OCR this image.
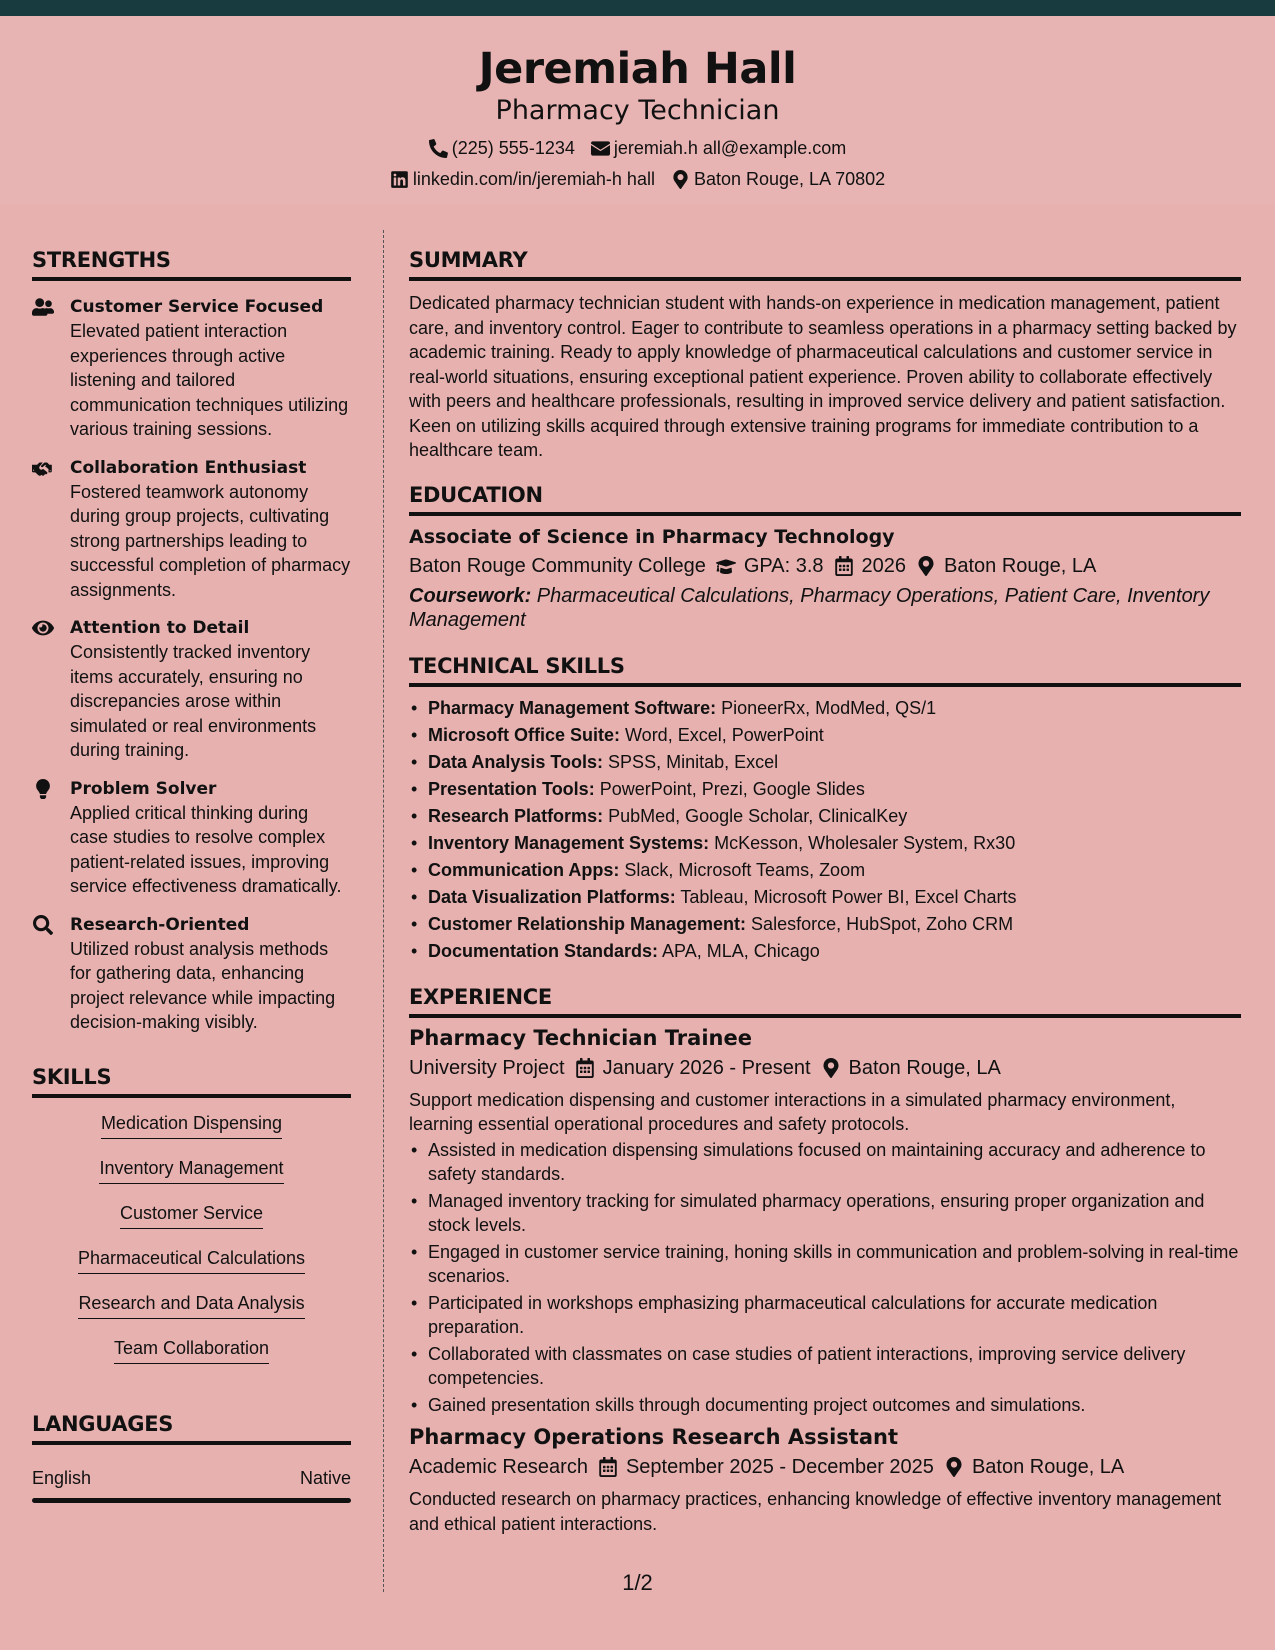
Jeremiah Hall
Pharmacy Technician
(225) 555-1234 jeremiah.h all@example.com
linkedin.com/in/jeremiah-h hall Baton Rouge, LA 70802
STRENGTHS
Customer Service Focused
Elevated patient interaction experiences through active listening and tailored communication techniques utilizing various training sessions.
Collaboration Enthusiast
Fostered teamwork autonomy during group projects, cultivating strong partnerships leading to successful completion of pharmacy assignments.
Attention to Detail
Consistently tracked inventory items accurately, ensuring no discrepancies arose within simulated or real environments during training.
Problem Solver
Applied critical thinking during case studies to resolve complex patient-related issues, improving service effectiveness dramatically.
Research-Oriented
Utilized robust analysis methods for gathering data, enhancing project relevance while impacting decision-making visibly.
SKILLS
Medication Dispensing
Inventory Management
Customer Service
Pharmaceutical Calculations
Research and Data Analysis
Team Collaboration
LANGUAGES
English	Native
SUMMARY
Dedicated pharmacy technician student with hands-on experience in medication management, patient care, and inventory control. Eager to contribute to seamless operations in a pharmacy setting backed by academic training. Ready to apply knowledge of pharmaceutical calculations and customer service in real-world situations, ensuring exceptional patient experience. Proven ability to collaborate effectively with peers and healthcare professionals, resulting in improved service delivery and patient satisfaction. Keen on utilizing skills acquired through extensive training programs for immediate contribution to a healthcare team.
EDUCATION
Associate of Science in Pharmacy Technology
Baton Rouge Community College GPA: 3.8 2026 Baton Rouge, LA
Coursework: Pharmaceutical Calculations, Pharmacy Operations, Patient Care, Inventory Management
TECHNICAL SKILLS
• Pharmacy Management Software: PioneerRx, ModMed, QS/1
• Microsoft Office Suite: Word, Excel, PowerPoint
• Data Analysis Tools: SPSS, Minitab, Excel
• Presentation Tools: PowerPoint, Prezi, Google Slides
• Research Platforms: PubMed, Google Scholar, ClinicalKey
• Inventory Management Systems: McKesson, Wholesaler System, Rx30
• Communication Apps: Slack, Microsoft Teams, Zoom
• Data Visualization Platforms: Tableau, Microsoft Power BI, Excel Charts
• Customer Relationship Management: Salesforce, HubSpot, Zoho CRM
• Documentation Standards: APA, MLA, Chicago
EXPERIENCE
Pharmacy Technician Trainee
University Project January 2026 - Present Baton Rouge, LA
Support medication dispensing and customer interactions in a simulated pharmacy environment, learning essential operational procedures and safety protocols.
• Assisted in medication dispensing simulations focused on maintaining accuracy and adherence to safety standards.
• Managed inventory tracking for simulated pharmacy operations, ensuring proper organization and stock levels.
• Engaged in customer service training, honing skills in communication and problem-solving in real-time scenarios.
• Participated in workshops emphasizing pharmaceutical calculations for accurate medication preparation.
• Collaborated with classmates on case studies of patient interactions, improving service delivery competencies.
• Gained presentation skills through documenting project outcomes and simulations.
Pharmacy Operations Research Assistant
Academic Research September 2025 - December 2025 Baton Rouge, LA
Conducted research on pharmacy practices, enhancing knowledge of effective inventory management and ethical patient interactions.
1/2
